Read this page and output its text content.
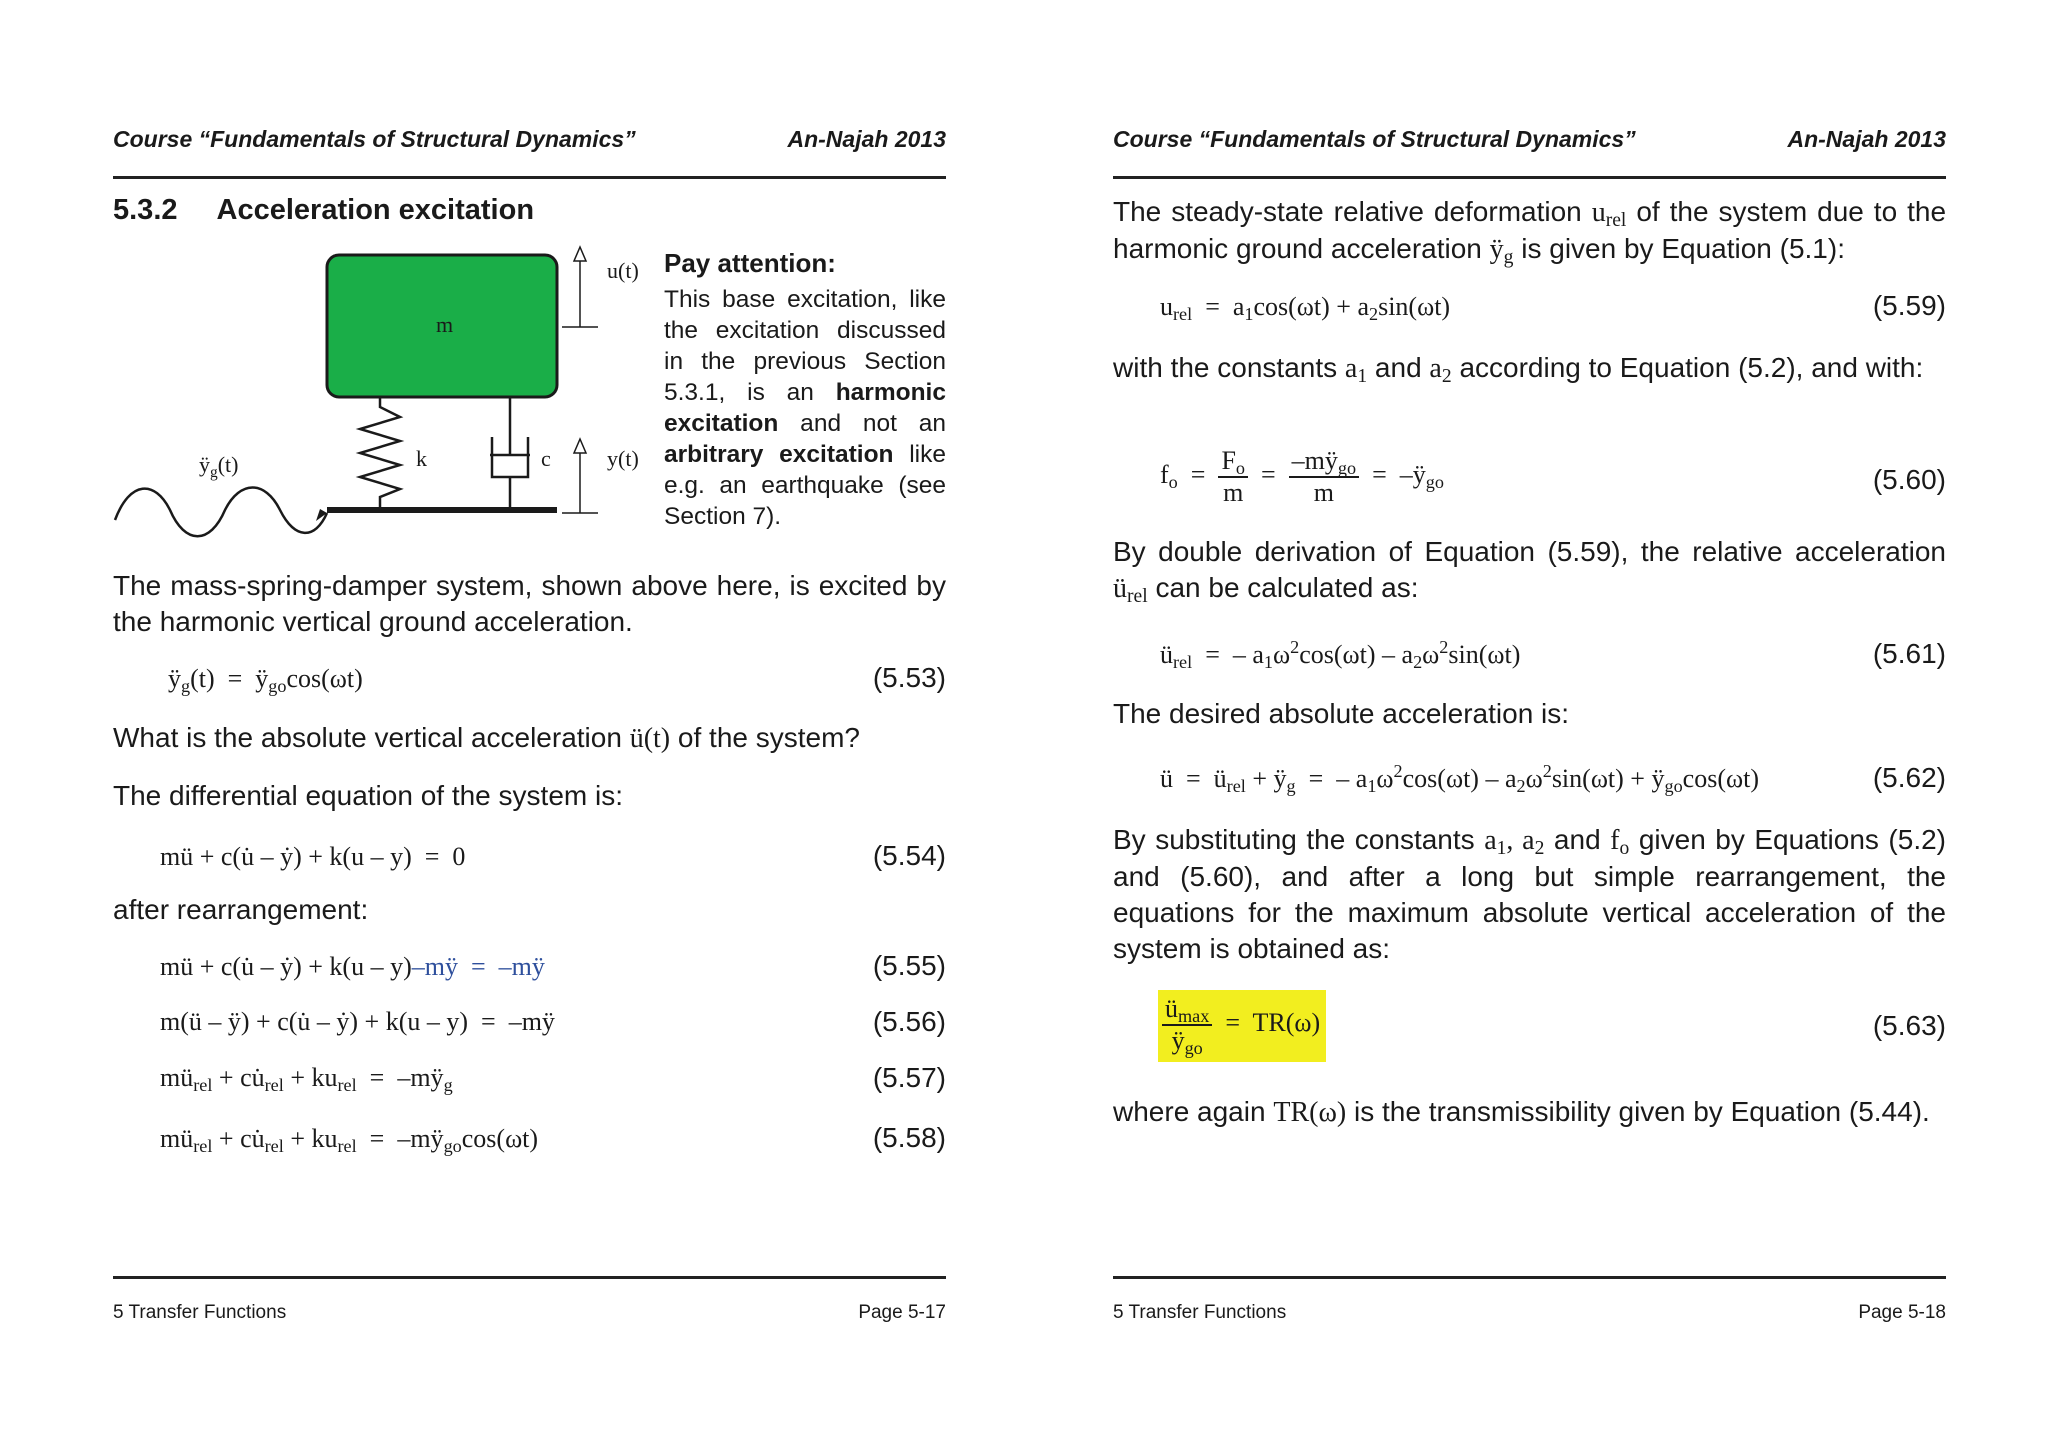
Course “Fundamentals of Structural Dynamics”	An-Najah 2013
5.3.2 Acceleration excitation
m
k	c
u(t)
y(t)
$ÿ_g(t)$
Pay attention:
This base excitation, like the excitation discussed in the previous Section 5.3.1, is an harmonic excitation and not an arbitrary excitation like e.g. an earthquake (see Section 7).
The mass-spring-damper system, shown above here, is excited by the harmonic vertical ground acceleration.
$ÿ_g(t)$  =  $ÿ_{go}\cos(\omega t)$	(5.53)
What is the absolute vertical acceleration ü(t) of the system?
The differential equation of the system is:
mü + c(u̇ – ẏ) + k(u – y)  =  0	(5.54)
after rearrangement:
mü + c(u̇ – ẏ) + k(u – y)–mÿ  =  –mÿ	(5.55)
m(ü – ÿ) + c(u̇ – ẏ) + k(u – y)  =  –mÿ	(5.56)
$mü_{rel}$ + $cu̇_{rel} + ku_{rel}$  =  $-mÿ_g$	(5.57)
$mü_{rel}$ + $cu̇_{rel} + ku_{rel}$  =  $-mÿ_{go}\cos(\omega t)$	(5.58)
5 Transfer Functions	Page 5-17
Course “Fundamentals of Structural Dynamics”	An-Najah 2013
The steady-state relative deformation $u_{rel}$ of the system due to the harmonic ground acceleration $ÿ_g$ is given by Equation (5.1):
$u_{rel} = a_1\cos(\omega t) + a_2\sin(\omega t)$	(5.59)
with the constants $a_1$ and $a_2$ according to Equation (5.2), and with:
$f_o = \frac{F_o}{m} = \frac{-mÿ_{go}}{m}$ =  $-ÿ_{go}$	(5.60)
By double derivation of Equation (5.59), the relative acceleration $ü_{rel}$ can be calculated as:
$ü_{rel}$  =  – $a_1\omega^2\cos(\omega t) - a_2\omega^2\sin(\omega t)$	(5.61)
The desired absolute acceleration is:
ü  =  $ü_{rel}$ + $ÿ_g$  =  – $a_1\omega^2\cos(\omega t) - a_2\omega^2\sin(\omega t)$ + $ÿ_{go}\cos(\omega t)$	(5.62)
By substituting the constants $a_1$, $a_2$ and $f_o$ given by Equations (5.2) and (5.60), and after a long but simple rearrangement, the equations for the maximum absolute vertical acceleration of the system is obtained as:
$\frac{ü_{max}}{ÿ_{go}} = TR(\omega)$	(5.63)
where again TR(ω) is the transmissibility given by Equation (5.44).
5 Transfer Functions	Page 5-18
